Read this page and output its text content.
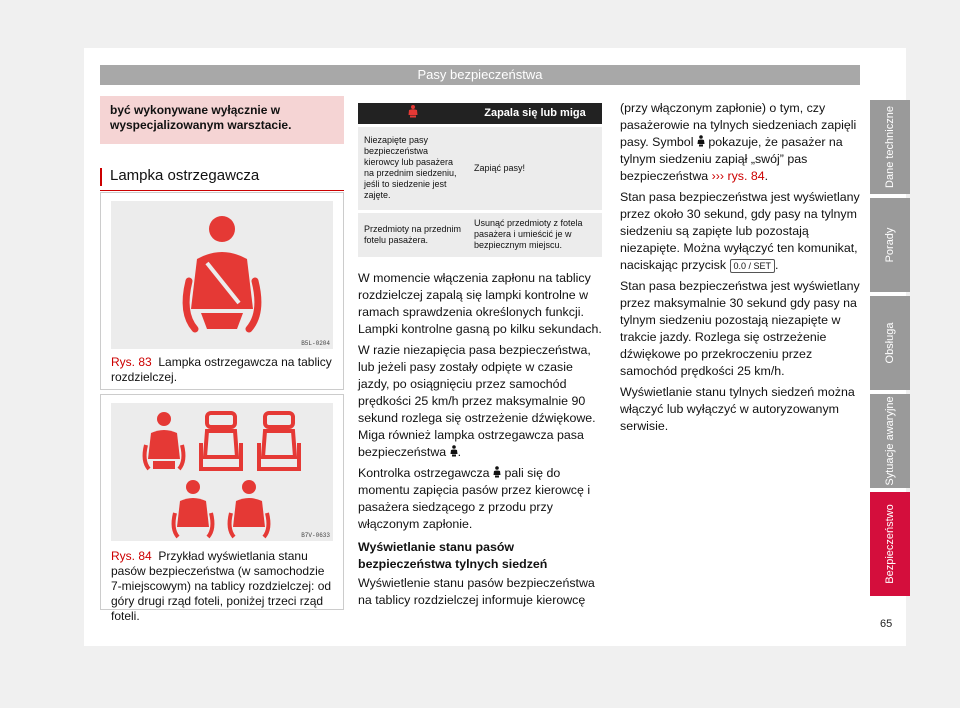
Pasy bezpieczeństwa
być wykonywane wyłącznie w wyspecjalizowanym warsztacie.
Lampka ostrzegawcza
B5L-0204
Rys. 83 Lampka ostrzegawcza na tablicy rozdzielczej.
B7V-0633
Rys. 84 Przykład wyświetlania stanu pasów bezpieczeństwa (w samochodzie 7-miejscowym) na tablicy rozdzielczej: od góry drugi rząd foteli, poniżej trzeci rząd foteli.
	Zapala się lub miga
Niezapięte pasy bezpieczeństwa kierowcy lub pasażera na przednim siedzeniu, jeśli to siedzenie jest zajęte.	Zapiąć pasy!
Przedmioty na przednim fotelu pasażera.	Usunąć przedmioty z fotela pasażera i umieścić je w bezpiecznym miejscu.

W momencie włączenia zapłonu na tablicy rozdzielczej zapalą się lampki kontrolne w ramach sprawdzenia określonych funkcji. Lampki kontrolne gasną po kilku sekundach.

W razie niezapięcia pasa bezpieczeństwa, lub jeżeli pasy zostały odpięte w czasie jazdy, po osiągnięciu przez samochód prędkości 25 km/h przez maksymalnie 90 sekund rozlega się ostrzeżenie dźwiękowe. Miga również lampka ostrzegawcza pasa bezpieczeństwa .

Kontrolka ostrzegawcza pali się do momentu zapięcia pasów przez kierowcę i pasażera siedzącego z przodu przy włączonym zapłonie.

Wyświetlanie stanu pasów bezpieczeństwa tylnych siedzeń

Wyświetlenie stanu pasów bezpieczeństwa na tablicy rozdzielczej informuje kierowcę

(przy włączonym zapłonie) o tym, czy pasażerowie na tylnych siedzeniach zapięli pasy. Symbol pokazuje, że pasażer na tylnym siedzeniu zapiął „swój” pas bezpieczeństwa ››› rys. 84.

Stan pasa bezpieczeństwa jest wyświetlany przez około 30 sekund, gdy pasy na tylnym siedzeniu są zapięte lub pozostają niezapięte. Można wyłączyć ten komunikat, naciskając przycisk 0.0 / SET .

Stan pasa bezpieczeństwa jest wyświetlany przez maksymalnie 30 sekund gdy pasy na tylnym siedzeniu pozostają niezapięte w trakcie jazdy. Rozlega się ostrzeżenie dźwiękowe po przekroczeniu przez samochód prędkości 25 km/h.

Wyświetlanie stanu tylnych siedzeń można włączyć lub wyłączyć w autoryzowanym serwisie.

Dane techniczne
Porady
Obsługa
Sytuacje awaryjne
Bezpieczeństwo
65
